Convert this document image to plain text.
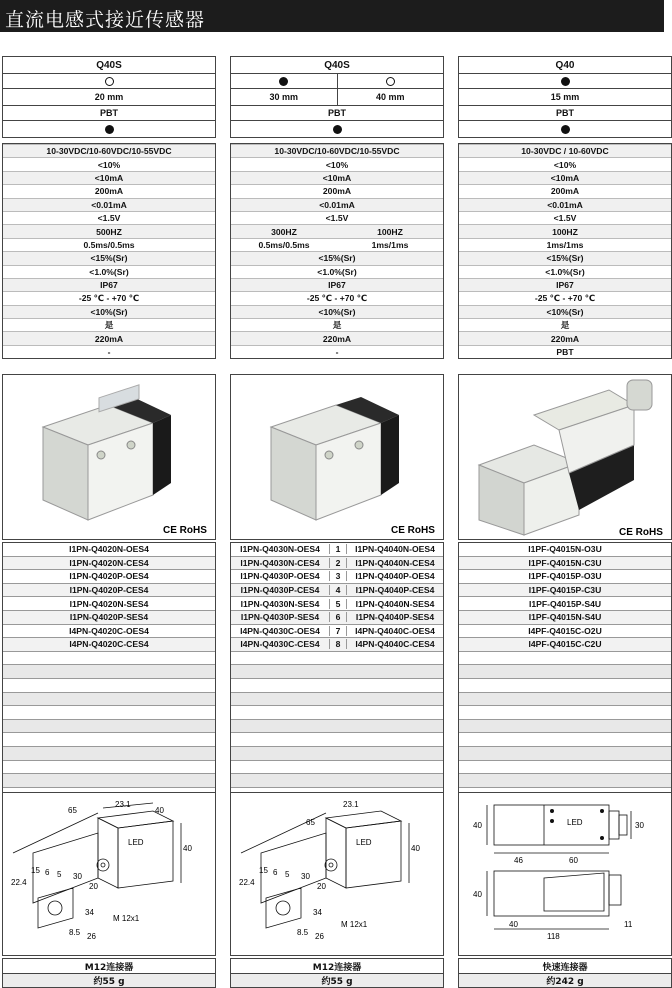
直流电感式接近传感器
Q40S
20 mm
PBT
10-30VDC/10-60VDC/10-55VDC
<10%
<10mA
200mA
<0.01mA
<1.5V
500HZ
0.5ms/0.5ms
<15%(Sr)
<1.0%(Sr)
IP67
-25 ℃ - +70 ℃
<10%(Sr)
是
220mA
-
Q40S
30 mm	40 mm
PBT
10-30VDC/10-60VDC/10-55VDC
<10%
<10mA
200mA
<0.01mA
<1.5V
300HZ	100HZ
0.5ms/0.5ms	1ms/1ms
<15%(Sr)
<1.0%(Sr)
IP67
-25 ℃ - +70 ℃
<10%(Sr)
是
220mA
-
Q40
15 mm
PBT
10-30VDC / 10-60VDC
<10%
<10mA
200mA
<0.01mA
<1.5V
100HZ
1ms/1ms
<15%(Sr)
<1.0%(Sr)
IP67
-25 ℃ - +70 ℃
<10%(Sr)
是
220mA
PBT
CE RoHS	CE RoHS	CE RoHS
I1PN-Q4020N-OES4
I1PN-Q4020N-CES4
I1PN-Q4020P-OES4
I1PN-Q4020P-CES4
I1PN-Q4020N-SES4
I1PN-Q4020P-SES4
I4PN-Q4020C-OES4
I4PN-Q4020C-CES4
I1PN-Q4030N-OES4	1	I1PN-Q4040N-OES4
I1PN-Q4030N-CES4	2	I1PN-Q4040N-CES4
I1PN-Q4030P-OES4	3	I1PN-Q4040P-OES4
I1PN-Q4030P-CES4	4	I1PN-Q4040P-CES4
I1PN-Q4030N-SES4	5	I1PN-Q4040N-SES4
I1PN-Q4030P-SES4	6	I1PN-Q4040P-SES4
I4PN-Q4030C-OES4	7	I4PN-Q4040C-OES4
I4PN-Q4030C-CES4	8	I4PN-Q4040C-CES4
I1PF-Q4015N-O3U
I1PF-Q4015N-C3U
I1PF-Q4015P-O3U
I1PF-Q4015P-C3U
I1PF-Q4015P-S4U
I1PF-Q4015N-S4U
I4PF-Q4015C-O2U
I4PF-Q4015C-C2U
65
23.1
40
40
LED
15 6 5 30
22.4	20
34
8.5 26
M 12x1
65
23.1
40
LED
15 6 5 30
22.4	20
34
8.5 26
M 12x1
40	LED	30
46	60
40
40
118
11
M12连接器
约55 g
M12连接器
约55 g
快速连接器
约242 g
